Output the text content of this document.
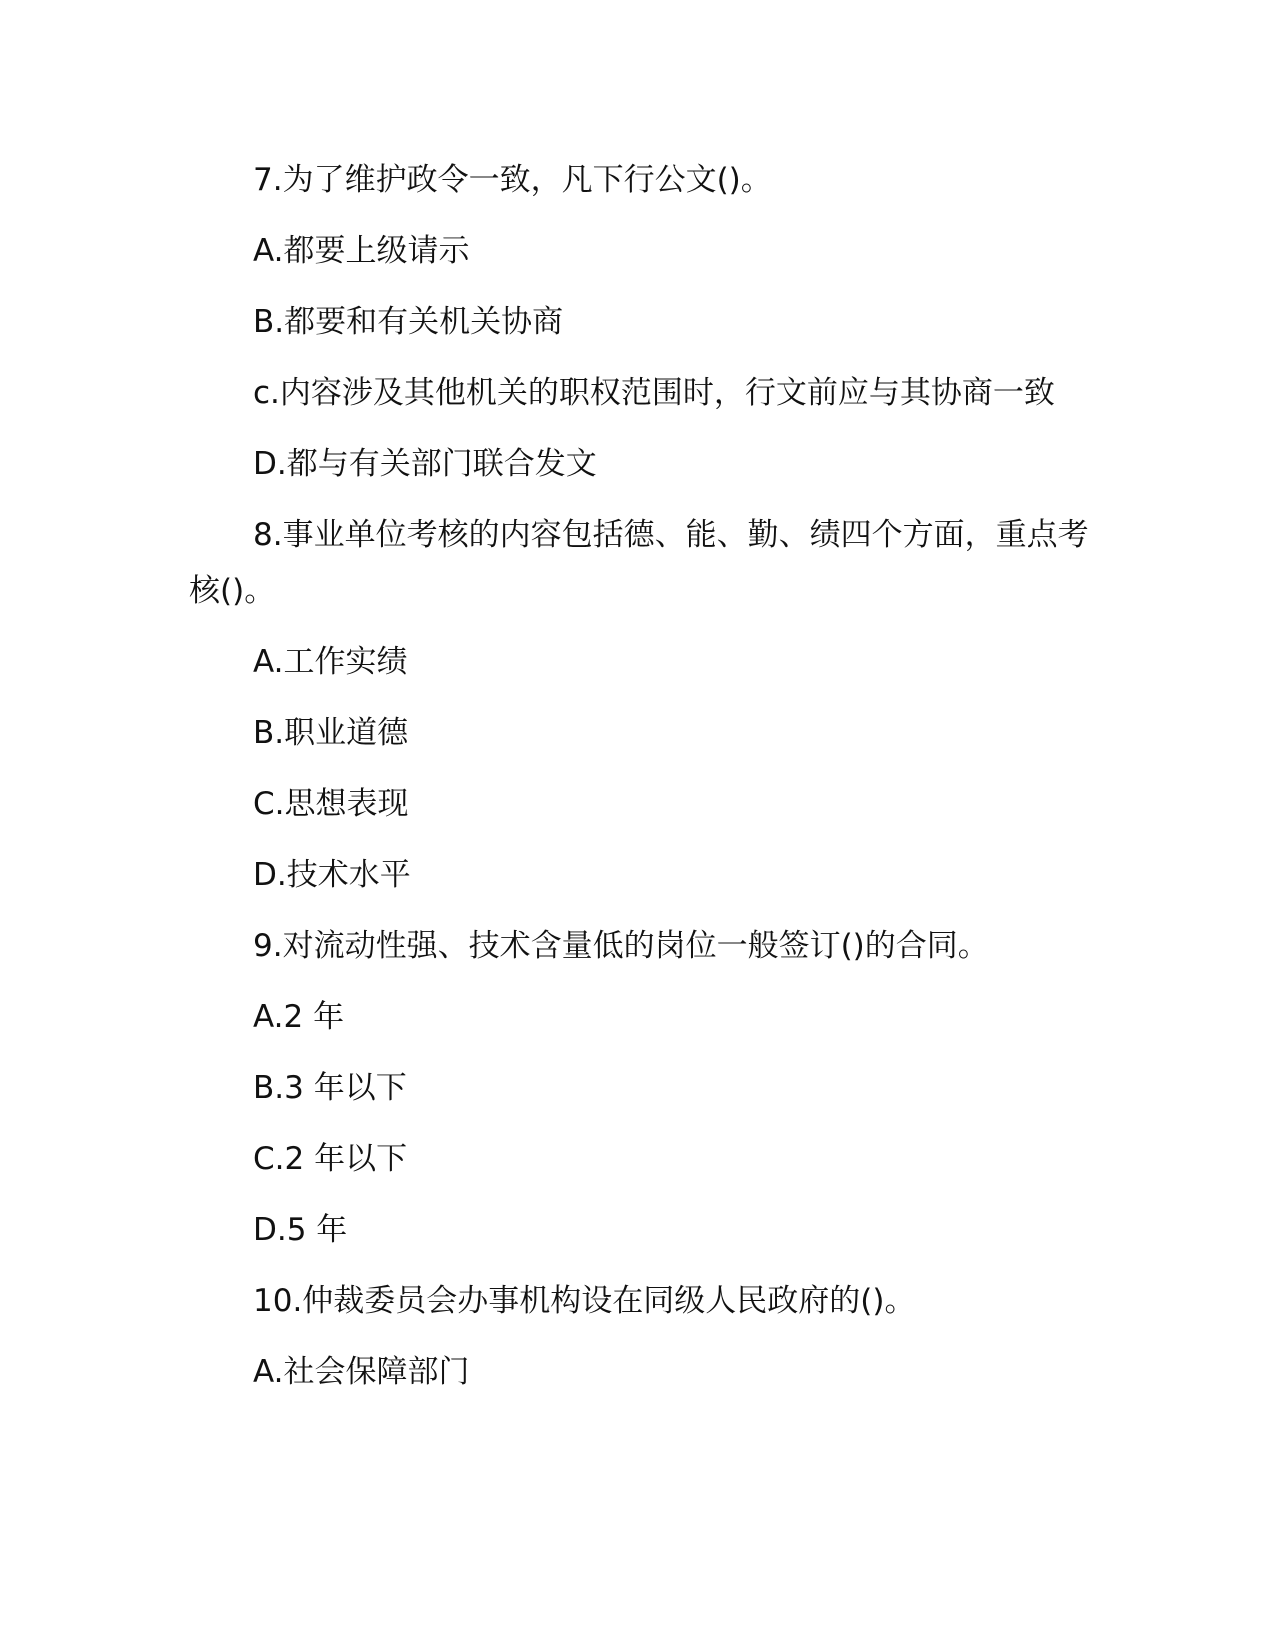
7.为了维护政令一致，凡下行公文()。

A.都要上级请示

B.都要和有关机关协商

c.内容涉及其他机关的职权范围时，行文前应与其协商一致

D.都与有关部门联合发文

8.事业单位考核的内容包括德、能、勤、绩四个方面，重点考核()。

A.工作实绩

B.职业道德

C.思想表现

D.技术水平

9.对流动性强、技术含量低的岗位一般签订()的合同。

A.2 年

B.3 年以下

C.2 年以下

D.5 年

10.仲裁委员会办事机构设在同级人民政府的()。

A.社会保障部门
